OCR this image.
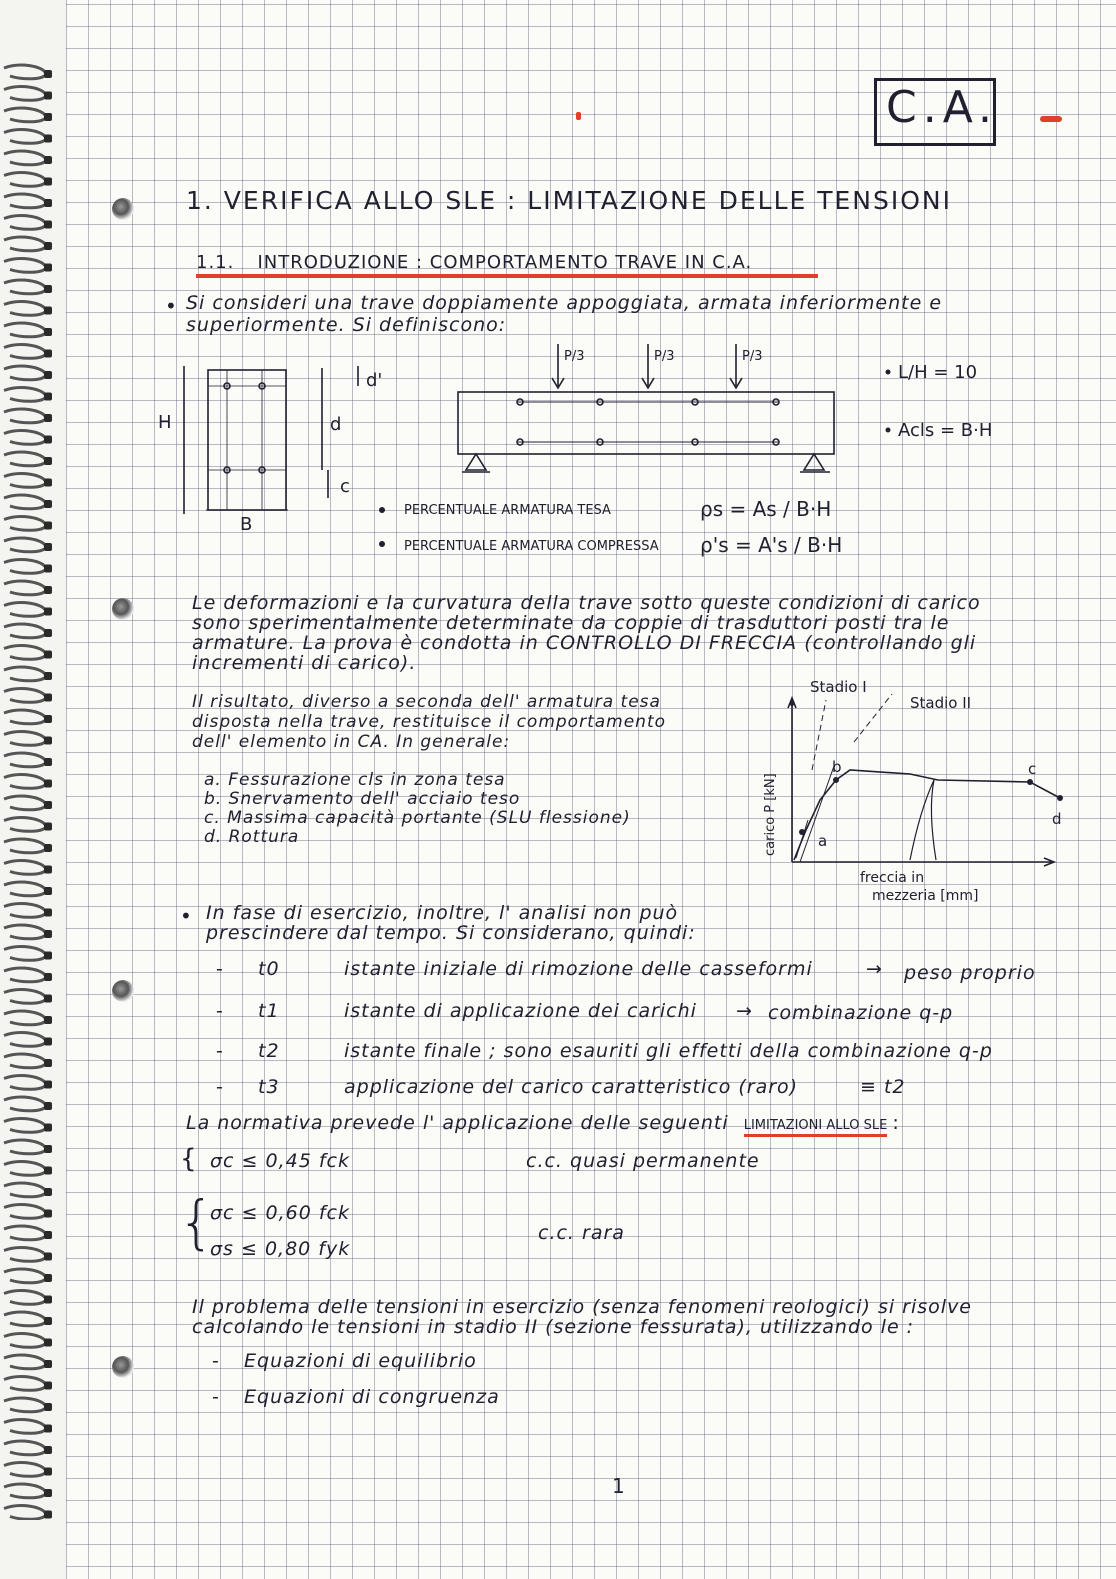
C.A.
1. VERIFICA ALLO SLE : LIMITAZIONE DELLE TENSIONI
1.1. INTRODUZIONE : COMPORTAMENTO TRAVE IN C.A.
• Si consideri una trave doppiamente appoggiata, armata inferiormente e
superiormente. Si definiscono:
H
B
d
d'
c
P/3	P/3	P/3
L/H = 10
Acls = B·H
PERCENTUALE ARMATURA TESA	ρs = As / B·H
PERCENTUALE ARMATURA COMPRESSA ρ's = A's / B·H
Le deformazioni e la curvatura della trave sotto queste condizioni di carico
sono sperimentalmente determinate da coppie di trasduttori posti tra le
armature. La prova è condotta in CONTROLLO DI FRECCIA (controllando gli
incrementi di carico).
Il risultato, diverso a seconda dell' armatura tesa
disposta nella trave, restituisce il comportamento
dell' elemento in CA. In generale:
a. Fessurazione cls in zona tesa
b. Snervamento dell' acciaio teso
c. Massima capacità portante (SLU flessione)
d. Rottura
Stadio I
Stadio II
a
b	c
d
carico P [kN]
freccia in
mezzeria [mm]
• In fase di esercizio, inoltre, l' analisi non può
prescindere dal tempo. Si considerano, quindi:
- t0	istante iniziale di rimozione delle casseformi	→ peso proprio
- t1	istante di applicazione dei carichi → combinazione q-p
- t2	istante finale ; sono esauriti gli effetti della combinazione q-p
- t3	applicazione del carico caratteristico (raro)	≡ t2
La normativa prevede l' applicazione delle seguenti LIMITAZIONI ALLO SLE :
{ σc ≤ 0,45 fck	c.c. quasi permanente
{
σc ≤ 0,60 fck
σs ≤ 0,80 fyk
c.c. rara
Il problema delle tensioni in esercizio (senza fenomeni reologici) si risolve
calcolando le tensioni in stadio II (sezione fessurata), utilizzando le :
- Equazioni di equilibrio
- Equazioni di congruenza
1
